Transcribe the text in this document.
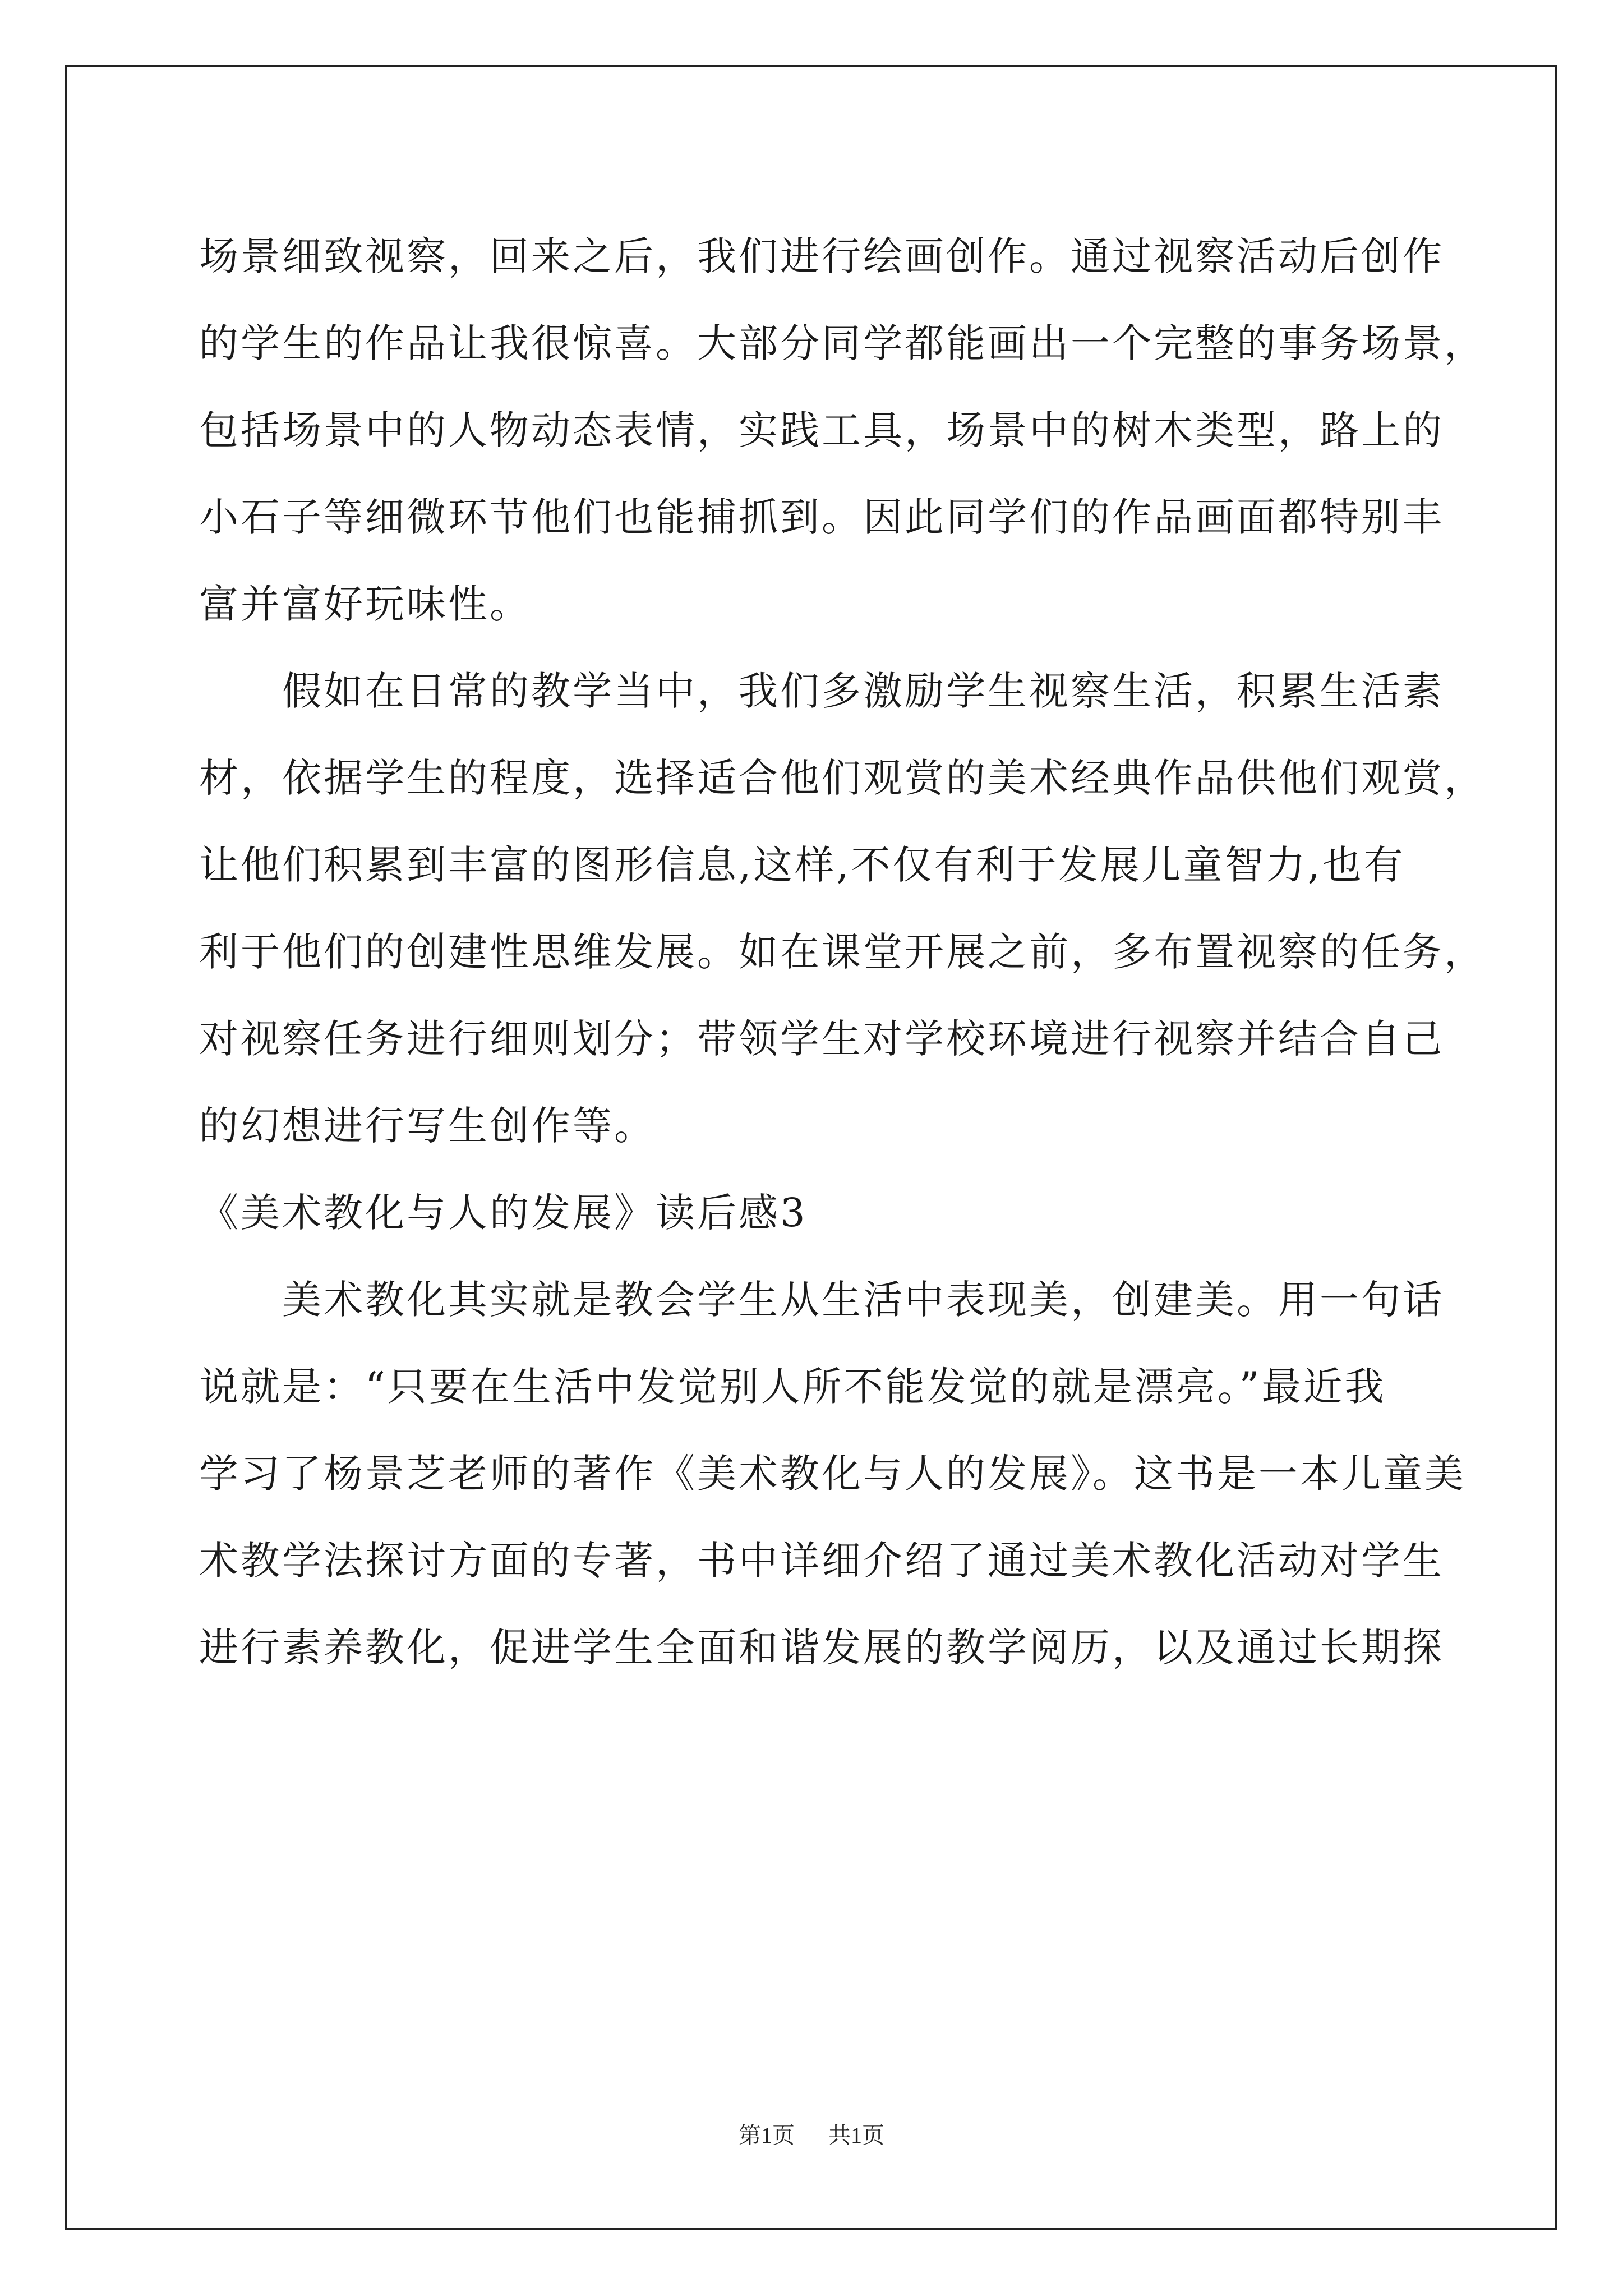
场景细致视察，回来之后，我们进行绘画创作。通过视察活动后创作
的学生的作品让我很惊喜。大部分同学都能画出一个完整的事务场景，
包括场景中的人物动态表情，实践工具，场景中的树木类型，路上的
小石子等细微环节他们也能捕抓到。因此同学们的作品画面都特别丰
富并富好玩味性。
假如在日常的教学当中，我们多激励学生视察生活，积累生活素
材，依据学生的程度，选择适合他们观赏的美术经典作品供他们观赏，
让他们积累到丰富的图形信息,这样,不仅有利于发展儿童智力,也有
利于他们的创建性思维发展。如在课堂开展之前，多布置视察的任务，
对视察任务进行细则划分；带领学生对学校环境进行视察并结合自己
的幻想进行写生创作等。
《美术教化与人的发展》读后感3
美术教化其实就是教会学生从生活中表现美，创建美。用一句话
说就是：“只要在生活中发觉别人所不能发觉的就是漂亮。”最近我
学习了杨景芝老师的著作《美术教化与人的发展》。这书是一本儿童美
术教学法探讨方面的专著，书中详细介绍了通过美术教化活动对学生
进行素养教化，促进学生全面和谐发展的教学阅历，以及通过长期探
第1页 共1页
